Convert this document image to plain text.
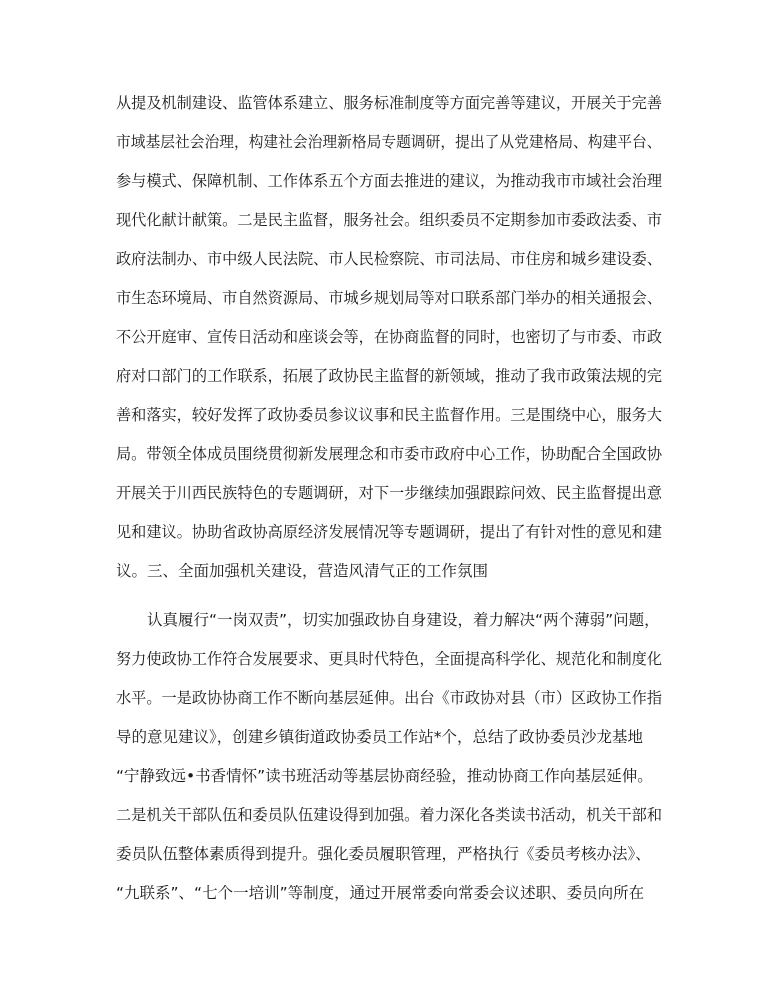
从提及机制建设、监管体系建立、服务标准制度等方面完善等建议，开展关于完善
市域基层社会治理，构建社会治理新格局专题调研，提出了从党建格局、构建平台、
参与模式、保障机制、工作体系五个方面去推进的建议，为推动我市市域社会治理
现代化献计献策。二是民主监督，服务社会。组织委员不定期参加市委政法委、市
政府法制办、市中级人民法院、市人民检察院、市司法局、市住房和城乡建设委、
市生态环境局、市自然资源局、市城乡规划局等对口联系部门举办的相关通报会、
不公开庭审、宣传日活动和座谈会等，在协商监督的同时，也密切了与市委、市政
府对口部门的工作联系，拓展了政协民主监督的新领域，推动了我市政策法规的完
善和落实，较好发挥了政协委员参议议事和民主监督作用。三是围绕中心，服务大
局。带领全体成员围绕贯彻新发展理念和市委市政府中心工作，协助配合全国政协
开展关于川西民族特色的专题调研，对下一步继续加强跟踪问效、民主监督提出意
见和建议。协助省政协高原经济发展情况等专题调研，提出了有针对性的意见和建
议。三、全面加强机关建设，营造风清气正的工作氛围
　　认真履行“一岗双责”，切实加强政协自身建设，着力解决“两个薄弱”问题，
努力使政协工作符合发展要求、更具时代特色，全面提高科学化、规范化和制度化
水平。一是政协协商工作不断向基层延伸。出台《市政协对县（市）区政协工作指
导的意见建议》，创建乡镇街道政协委员工作站*个，总结了政协委员沙龙基地
“宁静致远•书香情怀”读书班活动等基层协商经验，推动协商工作向基层延伸。
二是机关干部队伍和委员队伍建设得到加强。着力深化各类读书活动，机关干部和
委员队伍整体素质得到提升。强化委员履职管理，严格执行《委员考核办法》、
“九联系”、“七个一培训”等制度，通过开展常委向常委会议述职、委员向所在
